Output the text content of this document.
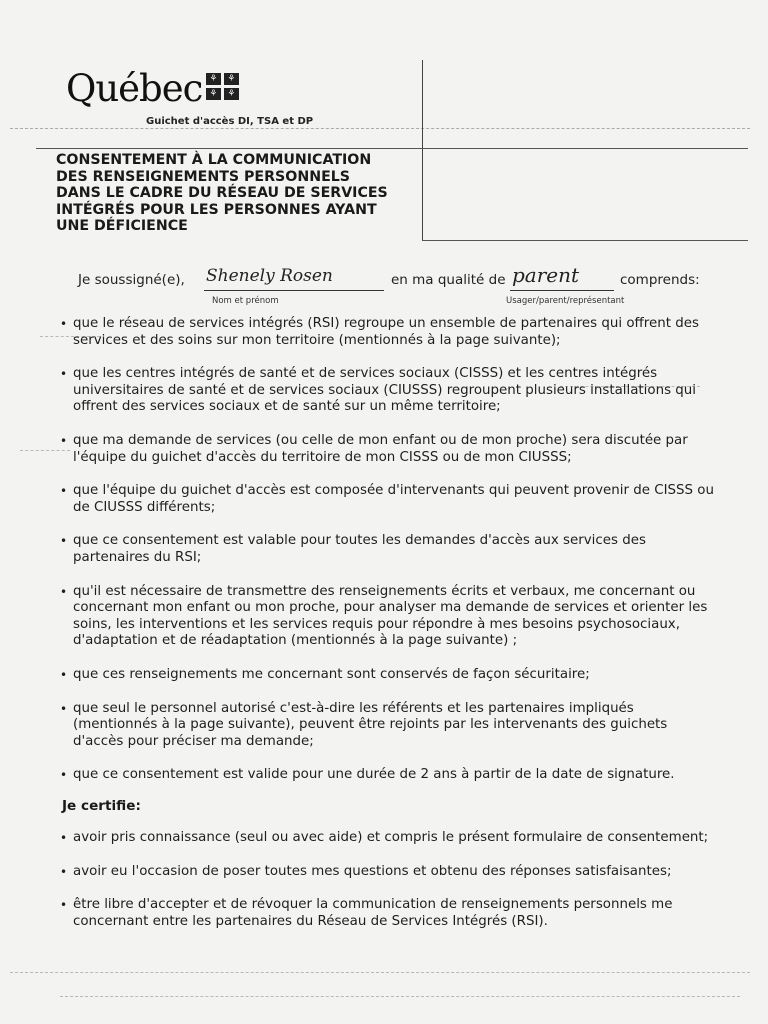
Québec
⚘
⚘
⚘
⚘
Guichet d'accès DI, TSA et DP
CONSENTEMENT À LA COMMUNICATION DES RENSEIGNEMENTS PERSONNELS DANS LE CADRE DU RÉSEAU DE SERVICES INTÉGRÉS POUR LES PERSONNES AYANT UNE DÉFICIENCE
Je soussigné(e),	en ma qualité de	comprends:
Shenely Rosen
Nom et prénom
parent
Usager/parent/représentant
• que le réseau de services intégrés (RSI) regroupe un ensemble de partenaires qui offrent des services et des soins sur mon territoire (mentionnés à la page suivante);
• que les centres intégrés de santé et de services sociaux (CISSS) et les centres intégrés universitaires de santé et de services sociaux (CIUSSS) regroupent plusieurs installations qui offrent des services sociaux et de santé sur un même territoire;
• que ma demande de services (ou celle de mon enfant ou de mon proche) sera discutée par l'équipe du guichet d'accès du territoire de mon CISSS ou de mon CIUSSS;
• que l'équipe du guichet d'accès est composée d'intervenants qui peuvent provenir de CISSS ou de CIUSSS différents;
• que ce consentement est valable pour toutes les demandes d'accès aux services des partenaires du RSI;
• qu'il est nécessaire de transmettre des renseignements écrits et verbaux, me concernant ou concernant mon enfant ou mon proche, pour analyser ma demande de services et orienter les soins, les interventions et les services requis pour répondre à mes besoins psychosociaux, d'adaptation et de réadaptation (mentionnés à la page suivante) ;
• que ces renseignements me concernant sont conservés de façon sécuritaire;
• que seul le personnel autorisé c'est-à-dire les référents et les partenaires impliqués (mentionnés à la page suivante), peuvent être rejoints par les intervenants des guichets d'accès pour préciser ma demande;
• que ce consentement est valide pour une durée de 2 ans à partir de la date de signature.
Je certifie:
• avoir pris connaissance (seul ou avec aide) et compris le présent formulaire de consentement;
• avoir eu l'occasion de poser toutes mes questions et obtenu des réponses satisfaisantes;
• être libre d'accepter et de révoquer la communication de renseignements personnels me concernant entre les partenaires du Réseau de Services Intégrés (RSI).
